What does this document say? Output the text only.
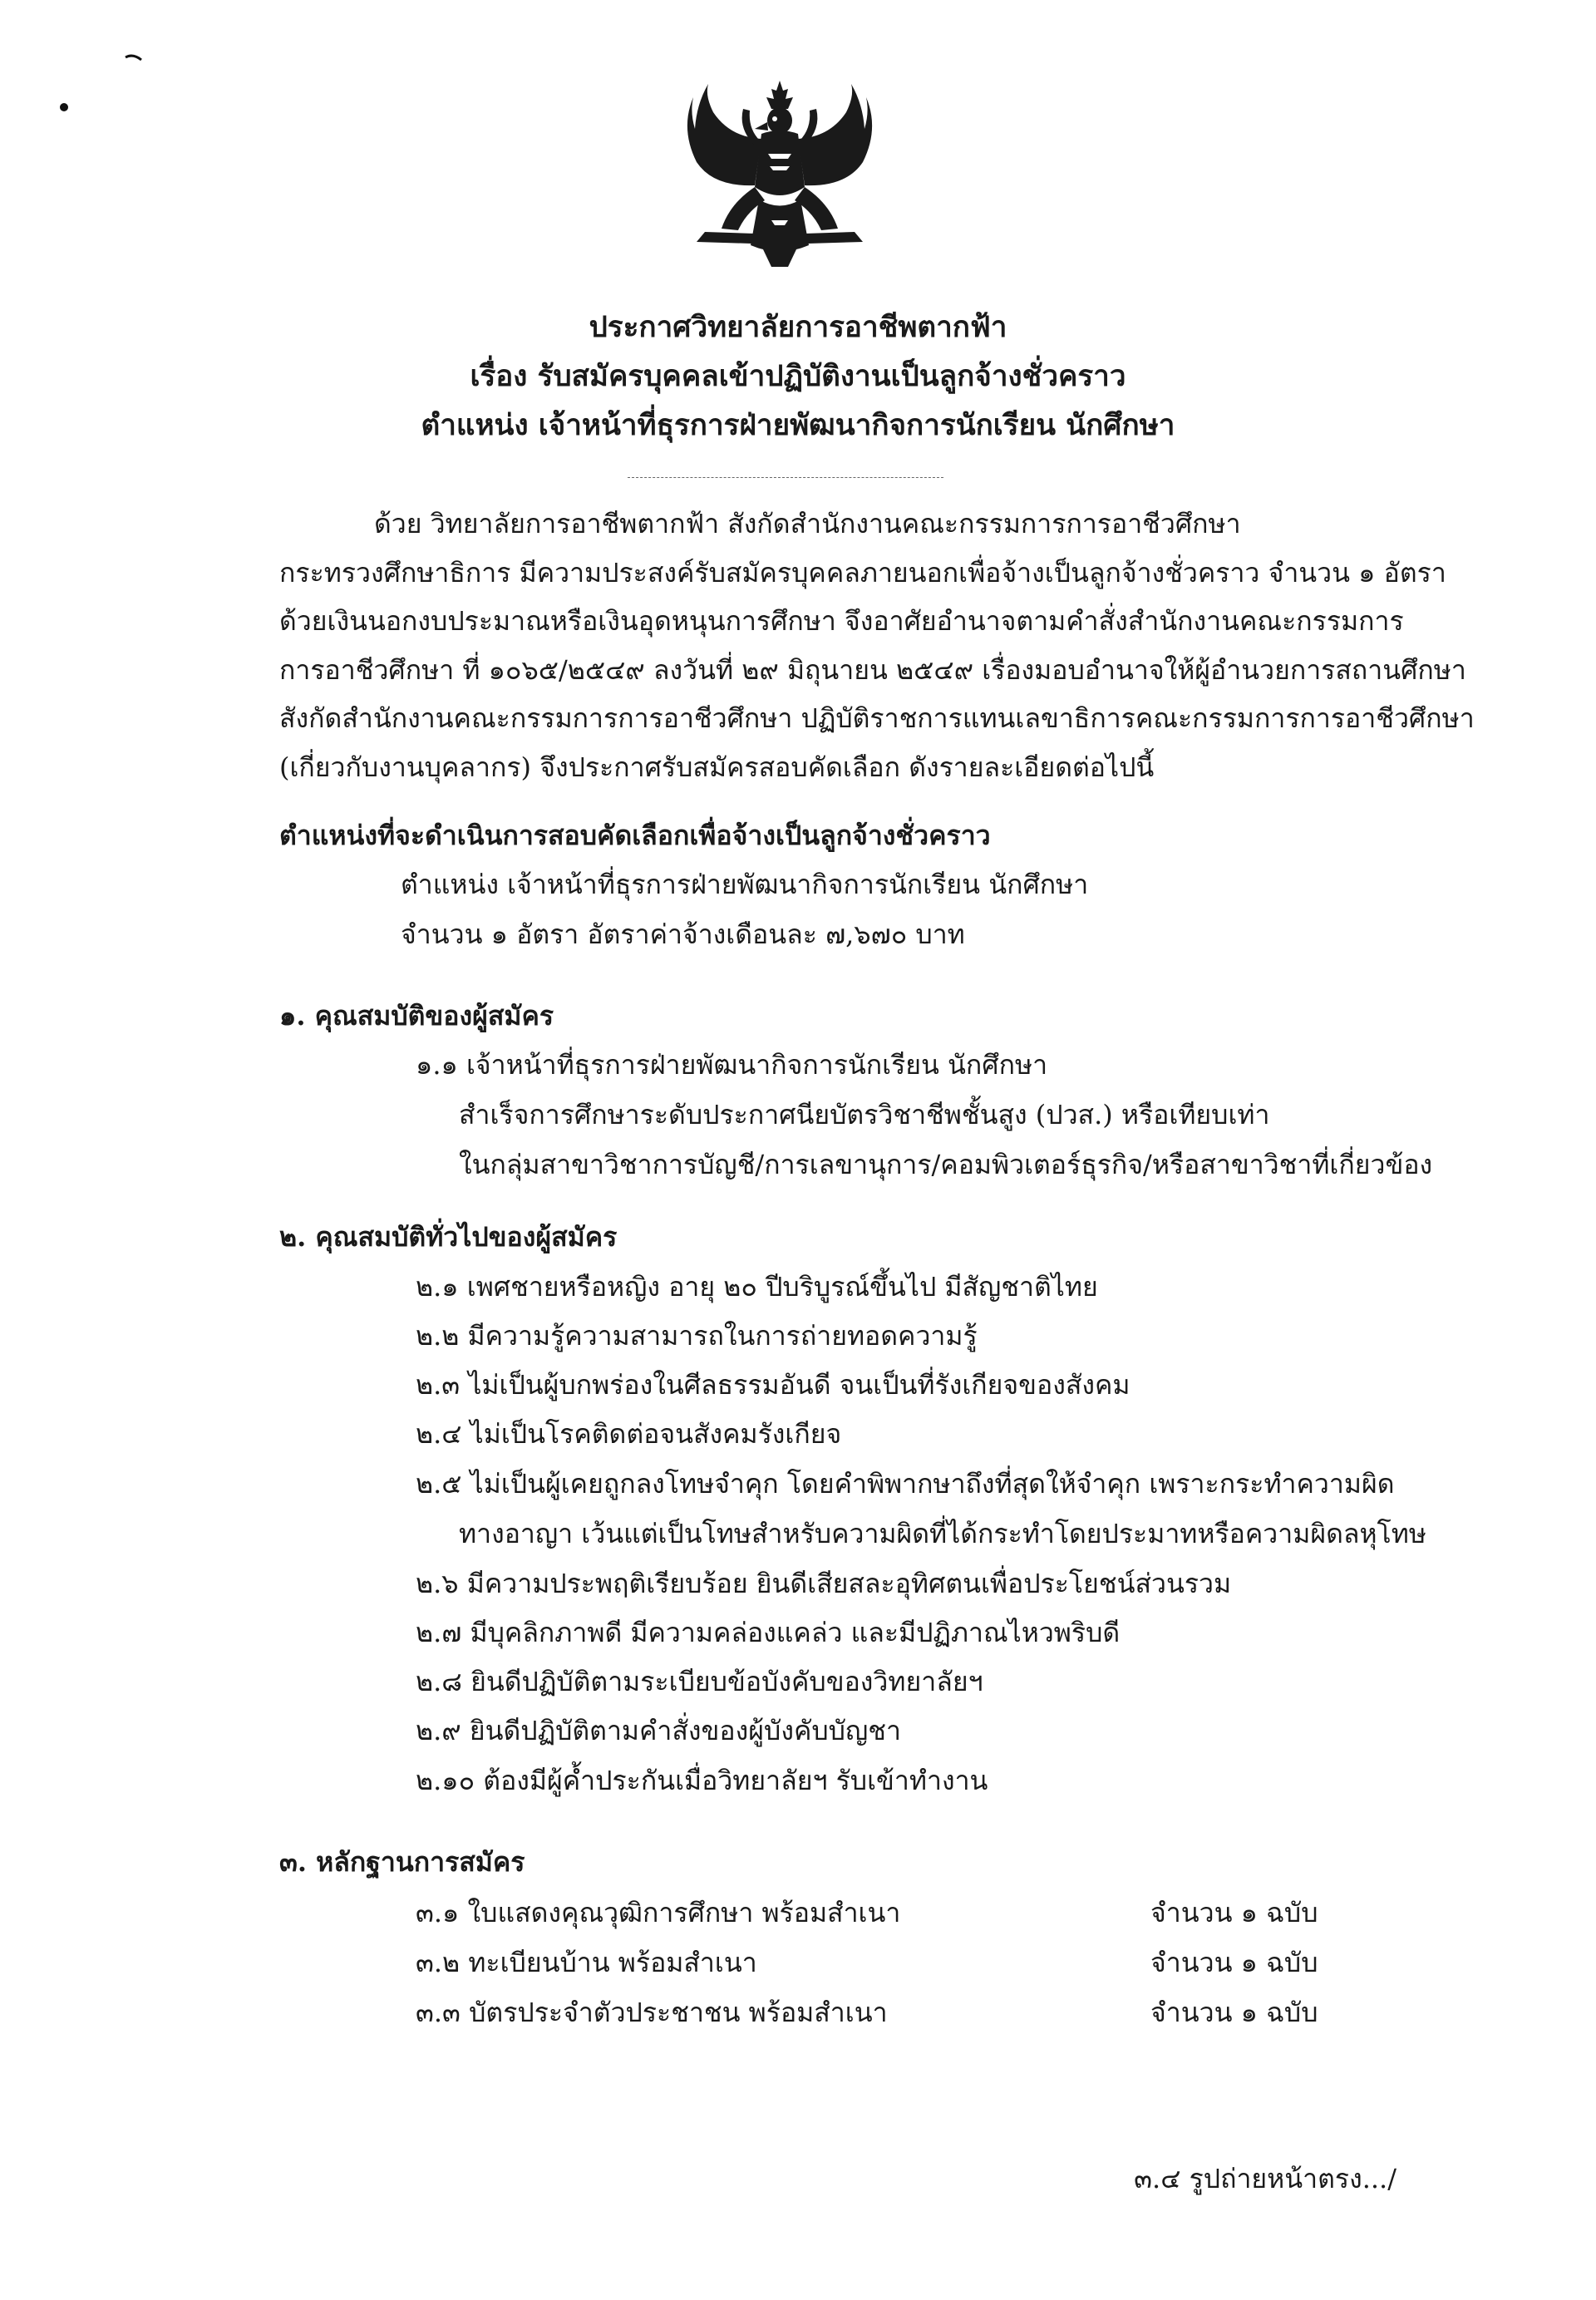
ประกาศวิทยาลัยการอาชีพตากฟ้า
เรื่อง รับสมัครบุคคลเข้าปฏิบัติงานเป็นลูกจ้างชั่วคราว
ตำแหน่ง เจ้าหน้าที่ธุรการฝ่ายพัฒนากิจการนักเรียน นักศึกษา
ด้วย วิทยาลัยการอาชีพตากฟ้า สังกัดสำนักงานคณะกรรมการการอาชีวศึกษา
กระทรวงศึกษาธิการ มีความประสงค์รับสมัครบุคคลภายนอกเพื่อจ้างเป็นลูกจ้างชั่วคราว จำนวน ๑ อัตรา
ด้วยเงินนอกงบประมาณหรือเงินอุดหนุนการศึกษา จึงอาศัยอำนาจตามคำสั่งสำนักงานคณะกรรมการ
การอาชีวศึกษา ที่ ๑๐๖๕/๒๕๔๙ ลงวันที่ ๒๙ มิถุนายน ๒๕๔๙ เรื่องมอบอำนาจให้ผู้อำนวยการสถานศึกษา
สังกัดสำนักงานคณะกรรมการการอาชีวศึกษา ปฏิบัติราชการแทนเลขาธิการคณะกรรมการการอาชีวศึกษา
(เกี่ยวกับงานบุคลากร) จึงประกาศรับสมัครสอบคัดเลือก ดังรายละเอียดต่อไปนี้
ตำแหน่งที่จะดำเนินการสอบคัดเลือกเพื่อจ้างเป็นลูกจ้างชั่วคราว
ตำแหน่ง เจ้าหน้าที่ธุรการฝ่ายพัฒนากิจการนักเรียน นักศึกษา
จำนวน ๑ อัตรา อัตราค่าจ้างเดือนละ ๗,๖๗๐ บาท
๑. คุณสมบัติของผู้สมัคร
๑.๑ เจ้าหน้าที่ธุรการฝ่ายพัฒนากิจการนักเรียน นักศึกษา
สำเร็จการศึกษาระดับประกาศนียบัตรวิชาชีพชั้นสูง (ปวส.) หรือเทียบเท่า
ในกลุ่มสาขาวิชาการบัญชี/การเลขานุการ/คอมพิวเตอร์ธุรกิจ/หรือสาขาวิชาที่เกี่ยวข้อง
๒. คุณสมบัติทั่วไปของผู้สมัคร
๒.๑ เพศชายหรือหญิง อายุ ๒๐ ปีบริบูรณ์ขึ้นไป มีสัญชาติไทย
๒.๒ มีความรู้ความสามารถในการถ่ายทอดความรู้
๒.๓ ไม่เป็นผู้บกพร่องในศีลธรรมอันดี จนเป็นที่รังเกียจของสังคม
๒.๔ ไม่เป็นโรคติดต่อจนสังคมรังเกียจ
๒.๕ ไม่เป็นผู้เคยถูกลงโทษจำคุก โดยคำพิพากษาถึงที่สุดให้จำคุก เพราะกระทำความผิด
ทางอาญา เว้นแต่เป็นโทษสำหรับความผิดที่ได้กระทำโดยประมาทหรือความผิดลหุโทษ
๒.๖ มีความประพฤติเรียบร้อย ยินดีเสียสละอุทิศตนเพื่อประโยชน์ส่วนรวม
๒.๗ มีบุคลิกภาพดี มีความคล่องแคล่ว และมีปฏิภาณไหวพริบดี
๒.๘ ยินดีปฏิบัติตามระเบียบข้อบังคับของวิทยาลัยฯ
๒.๙ ยินดีปฏิบัติตามคำสั่งของผู้บังคับบัญชา
๒.๑๐ ต้องมีผู้ค้ำประกันเมื่อวิทยาลัยฯ รับเข้าทำงาน
๓. หลักฐานการสมัคร
๓.๑ ใบแสดงคุณวุฒิการศึกษา พร้อมสำเนา	จำนวน ๑ ฉบับ
๓.๒ ทะเบียนบ้าน พร้อมสำเนา	จำนวน ๑ ฉบับ
๓.๓ บัตรประจำตัวประชาชน พร้อมสำเนา	จำนวน ๑ ฉบับ
๓.๔ รูปถ่ายหน้าตรง.../
